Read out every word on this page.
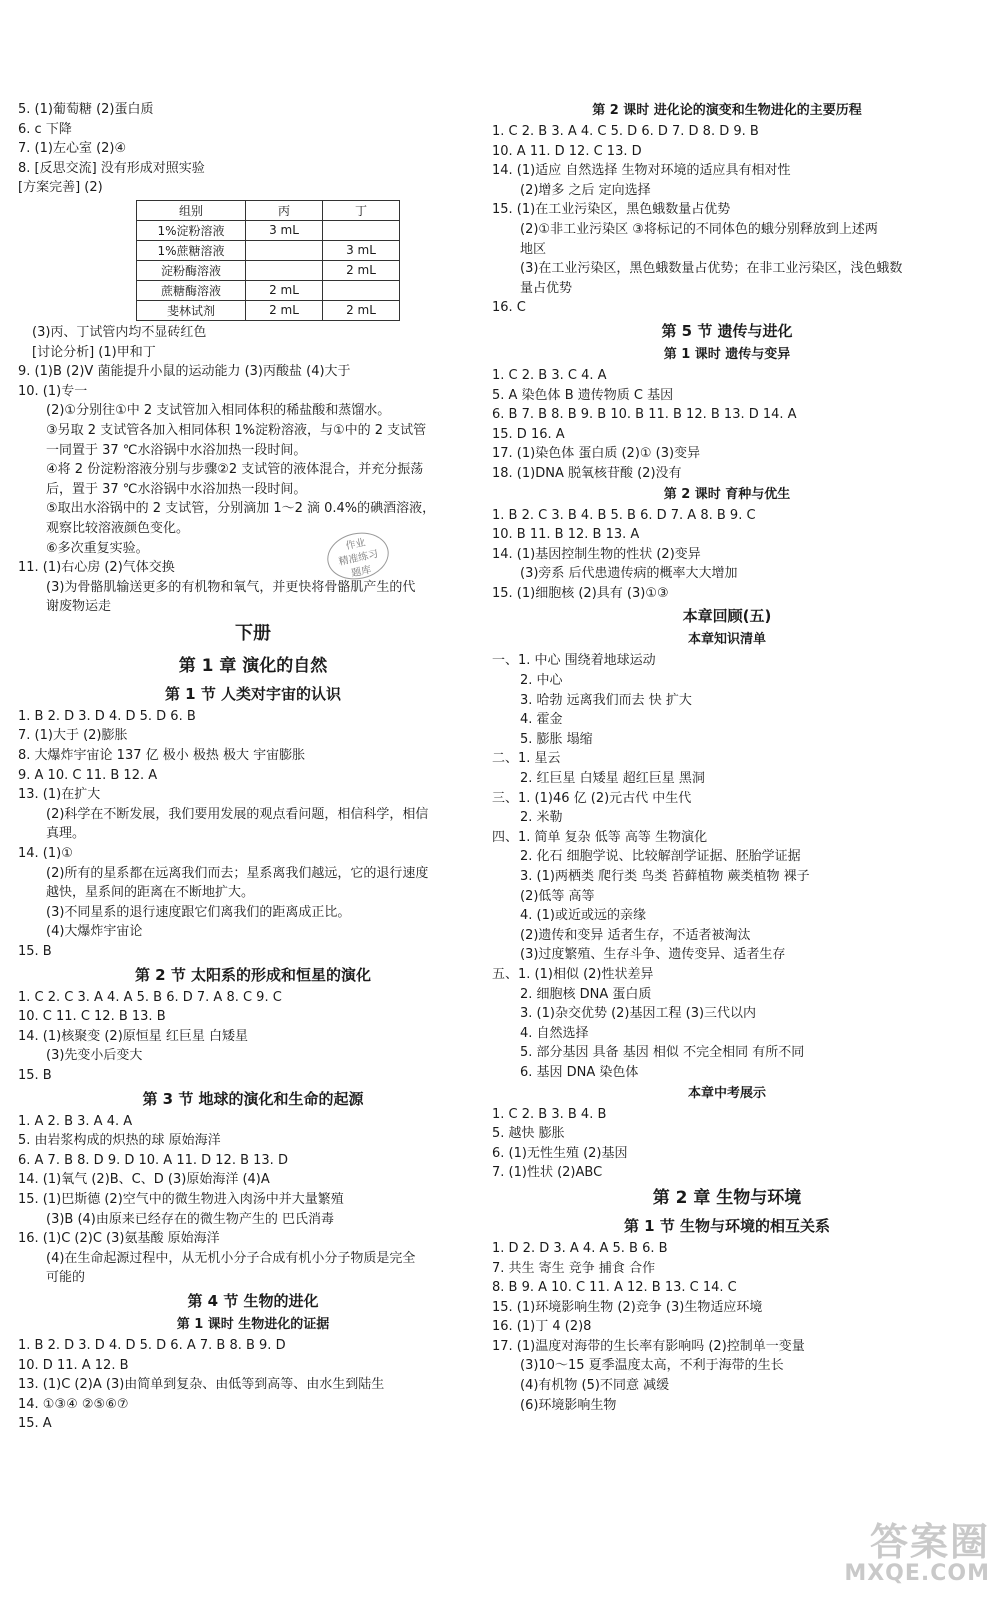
5. (1)葡萄糖 (2)蛋白质
6. c 下降
7. (1)左心室 (2)④
8. [反思交流] 没有形成对照实验
[方案完善] (2)
组别	丙	丁
1%淀粉溶液	3 mL	
1%蔗糖溶液		3 mL
淀粉酶溶液		2 mL
蔗糖酶溶液	2 mL	
斐林试剂	2 mL	2 mL
(3)丙、丁试管内均不显砖红色
[讨论分析] (1)甲和丁
9. (1)B (2)V 菌能提升小鼠的运动能力 (3)丙酸盐 (4)大于
10. (1)专一
(2)①分别往①中 2 支试管加入相同体积的稀盐酸和蒸馏水。
③另取 2 支试管各加入相同体积 1%淀粉溶液，与①中的 2 支试管
一同置于 37 ℃水浴锅中水浴加热一段时间。
④将 2 份淀粉溶液分别与步骤②2 支试管的液体混合，并充分振荡
后，置于 37 ℃水浴锅中水浴加热一段时间。
⑤取出水浴锅中的 2 支试管，分别滴加 1～2 滴 0.4%的碘酒溶液，
观察比较溶液颜色变化。
⑥多次重复实验。
11. (1)右心房 (2)气体交换
(3)为骨骼肌输送更多的有机物和氧气，并更快将骨骼肌产生的代
谢废物运走
下册
第 1 章 演化的自然
第 1 节 人类对宇宙的认识
1. B 2. D 3. D 4. D 5. D 6. B
7. (1)大于 (2)膨胀
8. 大爆炸宇宙论 137 亿 极小 极热 极大 宇宙膨胀
9. A 10. C 11. B 12. A
13. (1)在扩大
(2)科学在不断发展，我们要用发展的观点看问题，相信科学，相信
真理。
14. (1)①
(2)所有的星系都在远离我们而去；星系离我们越远，它的退行速度
越快，星系间的距离在不断地扩大。
(3)不同星系的退行速度跟它们离我们的距离成正比。
(4)大爆炸宇宙论
15. B
第 2 节 太阳系的形成和恒星的演化
1. C 2. C 3. A 4. A 5. B 6. D 7. A 8. C 9. C
10. C 11. C 12. B 13. B
14. (1)核聚变 (2)原恒星 红巨星 白矮星
(3)先变小后变大
15. B
第 3 节 地球的演化和生命的起源
1. A 2. B 3. A 4. A
5. 由岩浆构成的炽热的球 原始海洋
6. A 7. B 8. D 9. D 10. A 11. D 12. B 13. D
14. (1)氧气 (2)B、C、D (3)原始海洋 (4)A
15. (1)巴斯德 (2)空气中的微生物进入肉汤中并大量繁殖
(3)B (4)由原来已经存在的微生物产生的 巴氏消毒
16. (1)C (2)C (3)氨基酸 原始海洋
(4)在生命起源过程中，从无机小分子合成有机小分子物质是完全
可能的
第 4 节 生物的进化
第 1 课时 生物进化的证据
1. B 2. D 3. D 4. D 5. D 6. A 7. B 8. B 9. D
10. D 11. A 12. B
13. (1)C (2)A (3)由简单到复杂、由低等到高等、由水生到陆生
14. ①③④ ②⑤⑥⑦
15. A
第 2 课时 进化论的演变和生物进化的主要历程
1. C 2. B 3. A 4. C 5. D 6. D 7. D 8. D 9. B
10. A 11. D 12. C 13. D
14. (1)适应 自然选择 生物对环境的适应具有相对性
(2)增多 之后 定向选择
15. (1)在工业污染区，黑色蛾数量占优势
(2)①非工业污染区 ③将标记的不同体色的蛾分别释放到上述两
地区
(3)在工业污染区，黑色蛾数量占优势；在非工业污染区，浅色蛾数
量占优势
16. C
第 5 节 遗传与进化
第 1 课时 遗传与变异
1. C 2. B 3. C 4. A
5. A 染色体 B 遗传物质 C 基因
6. B 7. B 8. B 9. B 10. B 11. B 12. B 13. D 14. A
15. D 16. A
17. (1)染色体 蛋白质 (2)① (3)变异
18. (1)DNA 脱氧核苷酸 (2)没有
第 2 课时 育种与优生
1. B 2. C 3. B 4. B 5. B 6. D 7. A 8. B 9. C
10. B 11. B 12. B 13. A
14. (1)基因控制生物的性状 (2)变异
(3)旁系 后代患遗传病的概率大大增加
15. (1)细胞核 (2)具有 (3)①③
本章回顾(五)
本章知识清单
一、1. 中心 围绕着地球运动
2. 中心
3. 哈勃 远离我们而去 快 扩大
4. 霍金
5. 膨胀 塌缩
二、1. 星云
2. 红巨星 白矮星 超红巨星 黑洞
三、1. (1)46 亿 (2)元古代 中生代
2. 米勒
四、1. 简单 复杂 低等 高等 生物演化
2. 化石 细胞学说、比较解剖学证据、胚胎学证据
3. (1)两栖类 爬行类 鸟类 苔藓植物 蕨类植物 裸子
(2)低等 高等
4. (1)或近或远的亲缘
(2)遗传和变异 适者生存，不适者被淘汰
(3)过度繁殖、生存斗争、遗传变异、适者生存
五、1. (1)相似 (2)性状差异
2. 细胞核 DNA 蛋白质
3. (1)杂交优势 (2)基因工程 (3)三代以内
4. 自然选择
5. 部分基因 具备 基因 相似 不完全相同 有所不同
6. 基因 DNA 染色体
本章中考展示
1. C 2. B 3. B 4. B
5. 越快 膨胀
6. (1)无性生殖 (2)基因
7. (1)性状 (2)ABC
第 2 章 生物与环境
第 1 节 生物与环境的相互关系
1. D 2. D 3. A 4. A 5. B 6. B
7. 共生 寄生 竞争 捕食 合作
8. B 9. A 10. C 11. A 12. B 13. C 14. C
15. (1)环境影响生物 (2)竞争 (3)生物适应环境
16. (1)丁 4 (2)8
17. (1)温度对海带的生长率有影响吗 (2)控制单一变量
(3)10～15 夏季温度太高，不利于海带的生长
(4)有机物 (5)不同意 减缓
(6)环境影响生物
作业
精准练习
题库
答案圈
MXQE.COM
